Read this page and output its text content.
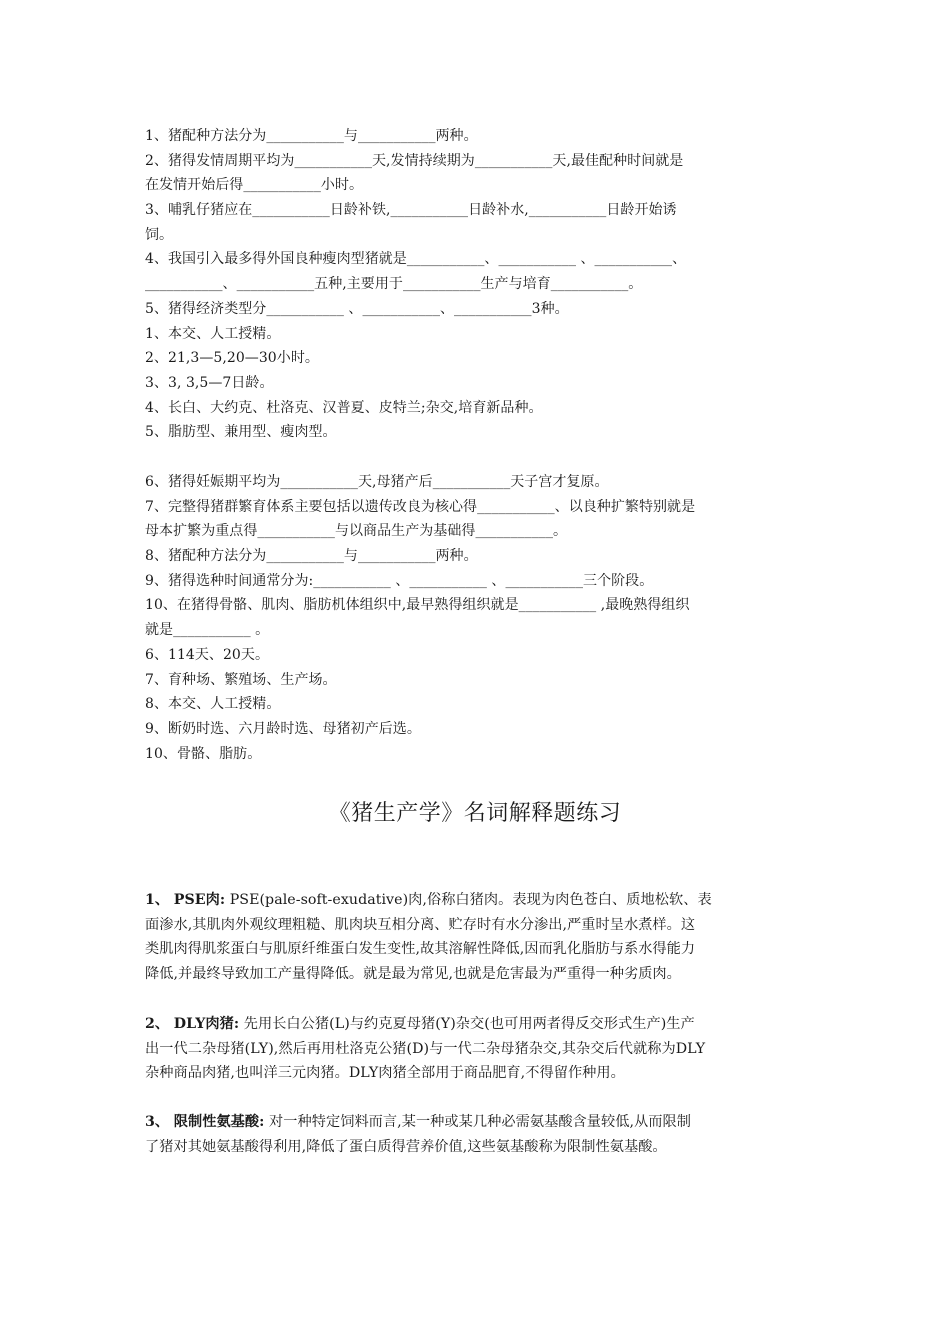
1、猪配种方法分为___________与___________两种。
2、猪得发情周期平均为___________天,发情持续期为___________天,最佳配种时间就是
在发情开始后得___________小时。
3、哺乳仔猪应在___________日龄补铁,___________日龄补水,___________日龄开始诱
饲。
4、我国引入最多得外国良种瘦肉型猪就是___________、___________ 、___________、
___________、___________五种,主要用于___________生产与培育___________。
5、猪得经济类型分___________ 、___________、___________3种。
1、本交、人工授精。
2、21,3—5,20—30小时。
3、3, 3,5—7日龄。
4、长白、大约克、杜洛克、汉普夏、皮特兰;杂交,培育新品种。
5、脂肪型、兼用型、瘦肉型。
6、猪得妊娠期平均为___________天,母猪产后___________天子宫才复原。
7、完整得猪群繁育体系主要包括以遗传改良为核心得___________、以良种扩繁特别就是
母本扩繁为重点得___________与以商品生产为基础得___________。
8、猪配种方法分为___________与___________两种。
9、猪得选种时间通常分为:___________ 、___________ 、___________三个阶段。
10、在猪得骨骼、肌肉、脂肪机体组织中,最早熟得组织就是___________ ,最晚熟得组织
就是___________ 。
6、114天、20天。
7、育种场、繁殖场、生产场。
8、本交、人工授精。
9、断奶时选、六月龄时选、母猪初产后选。
10、骨骼、脂肪。
《猪生产学》名词解释题练习
1、 PSE肉: PSE(pale-soft-exudative)肉,俗称白猪肉。表现为肉色苍白、质地松软、表
面渗水,其肌肉外观纹理粗糙、肌肉块互相分离、贮存时有水分渗出,严重时呈水煮样。这
类肌肉得肌浆蛋白与肌原纤维蛋白发生变性,故其溶解性降低,因而乳化脂肪与系水得能力
降低,并最终导致加工产量得降低。就是最为常见,也就是危害最为严重得一种劣质肉。
2、 DLY肉猪: 先用长白公猪(L)与约克夏母猪(Y)杂交(也可用两者得反交形式生产)生产
出一代二杂母猪(LY),然后再用杜洛克公猪(D)与一代二杂母猪杂交,其杂交后代就称为DLY
杂种商品肉猪,也叫洋三元肉猪。DLY肉猪全部用于商品肥育,不得留作种用。
3、 限制性氨基酸: 对一种特定饲料而言,某一种或某几种必需氨基酸含量较低,从而限制
了猪对其她氨基酸得利用,降低了蛋白质得营养价值,这些氨基酸称为限制性氨基酸。
